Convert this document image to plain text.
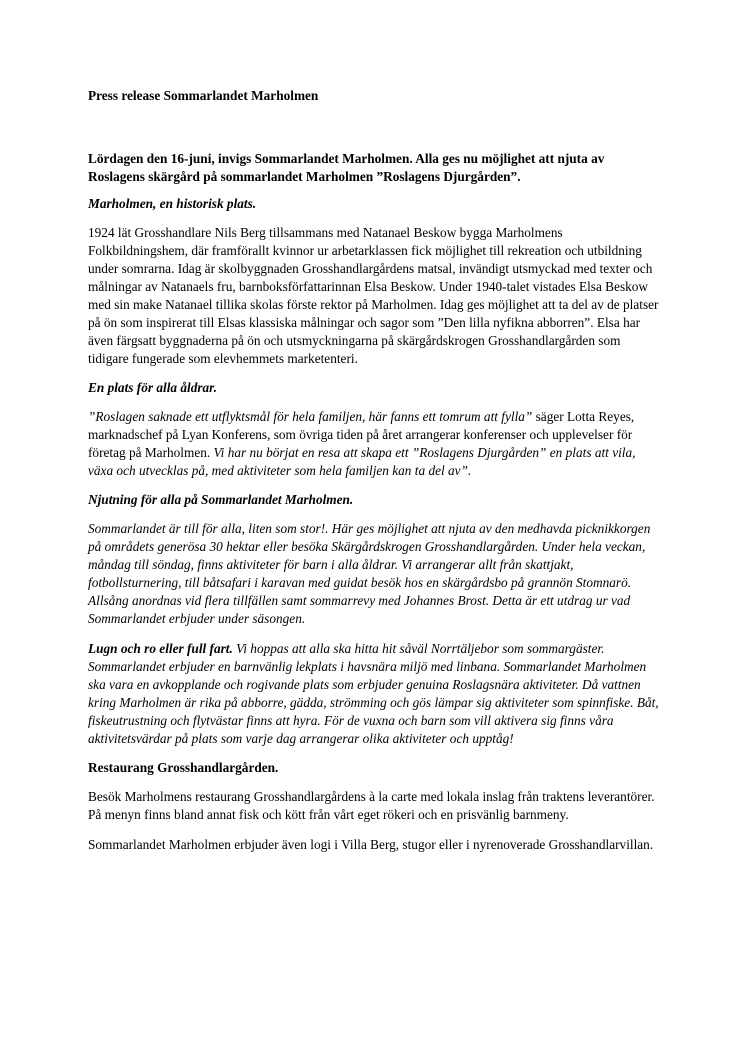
Press release Sommarlandet Marholmen

Lördagen den 16-juni, invigs Sommarlandet Marholmen. Alla ges nu möjlighet att njuta av Roslagens skärgård på sommarlandet Marholmen ”Roslagens Djurgården”.

Marholmen, en historisk plats.

1924 lät Grosshandlare Nils Berg tillsammans med Natanael Beskow bygga Marholmens Folkbildningshem, där framförallt kvinnor ur arbetarklassen fick möjlighet till rekreation och utbildning under somrarna. Idag är skolbyggnaden Grosshandlargårdens matsal, invändigt utsmyckad med texter och målningar av Natanaels fru, barnboksförfattarinnan Elsa Beskow. Under 1940-talet vistades Elsa Beskow med sin make Natanael tillika skolas förste rektor på Marholmen. Idag ges möjlighet att ta del av de platser på ön som inspirerat till Elsas klassiska målningar och sagor som ”Den lilla nyfikna abborren”. Elsa har även färgsatt byggnaderna på ön och utsmyckningarna på skärgårdskrogen Grosshandlargården som tidigare fungerade som elevhemmets marketenteri.

En plats för alla åldrar.

”Roslagen saknade ett utflyktsmål för hela familjen, här fanns ett tomrum att fylla” säger Lotta Reyes, marknadschef på Lyan Konferens, som övriga tiden på året arrangerar konferenser och upplevelser för företag på Marholmen. Vi har nu börjat en resa att skapa ett ”Roslagens Djurgården” en plats att vila, växa och utvecklas på, med aktiviteter som hela familjen kan ta del av”.

Njutning för alla på Sommarlandet Marholmen.

Sommarlandet är till för alla, liten som stor!. Här ges möjlighet att njuta av den medhavda picknikkorgen på områdets generösa 30 hektar eller besöka Skärgårdskrogen Grosshandlargården. Under hela veckan, måndag till söndag, finns aktiviteter för barn i alla åldrar. Vi arrangerar allt från skattjakt, fotbollsturnering, till båtsafari i karavan med guidat besök hos en skärgårdsbo på grannön Stomnarö. Allsång anordnas vid flera tillfällen samt sommarrevy med Johannes Brost. Detta är ett utdrag ur vad Sommarlandet erbjuder under säsongen.

Lugn och ro eller full fart. Vi hoppas att alla ska hitta hit såväl Norrtäljebor som sommargäster. Sommarlandet erbjuder en barnvänlig lekplats i havsnära miljö med linbana. Sommarlandet Marholmen ska vara en avkopplande och rogivande plats som erbjuder genuina Roslagsnära aktiviteter. Då vattnen kring Marholmen är rika på abborre, gädda, strömming och gös lämpar sig aktiviteter som spinnfiske. Båt, fiskeutrustning och flytvästar finns att hyra. För de vuxna och barn som vill aktivera sig finns våra aktivitetsvärdar på plats som varje dag arrangerar olika aktiviteter och upptåg!

Restaurang Grosshandlargården.

Besök Marholmens restaurang Grosshandlargårdens à la carte med lokala inslag från traktens leverantörer. På menyn finns bland annat fisk och kött från vårt eget rökeri och en prisvänlig barnmeny.

Sommarlandet Marholmen erbjuder även logi i Villa Berg, stugor eller i nyrenoverade Grosshandlarvillan.
